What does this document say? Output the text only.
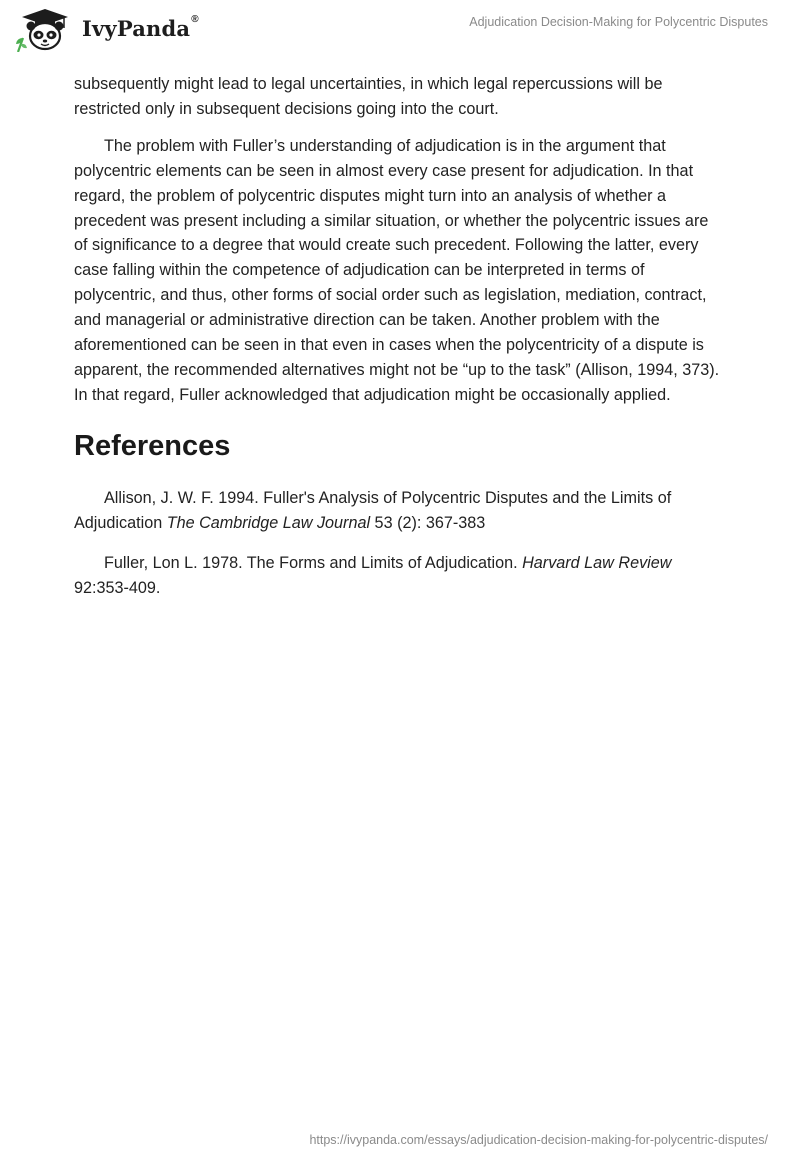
IvyPanda®	Adjudication Decision-Making for Polycentric Disputes

subsequently might lead to legal uncertainties, in which legal repercussions will be restricted only in subsequent decisions going into the court.

The problem with Fuller’s understanding of adjudication is in the argument that polycentric elements can be seen in almost every case present for adjudication. In that regard, the problem of polycentric disputes might turn into an analysis of whether a precedent was present including a similar situation, or whether the polycentric issues are of significance to a degree that would create such precedent. Following the latter, every case falling within the competence of adjudication can be interpreted in terms of polycentric, and thus, other forms of social order such as legislation, mediation, contract, and managerial or administrative direction can be taken. Another problem with the aforementioned can be seen in that even in cases when the polycentricity of a dispute is apparent, the recommended alternatives might not be “up to the task” (Allison, 1994, 373). In that regard, Fuller acknowledged that adjudication might be occasionally applied.

References

Allison, J. W. F. 1994. Fuller's Analysis of Polycentric Disputes and the Limits of Adjudication The Cambridge Law Journal 53 (2): 367-383

Fuller, Lon L. 1978. The Forms and Limits of Adjudication. Harvard Law Review 92:353-409.

https://ivypanda.com/essays/adjudication-decision-making-for-polycentric-disputes/
